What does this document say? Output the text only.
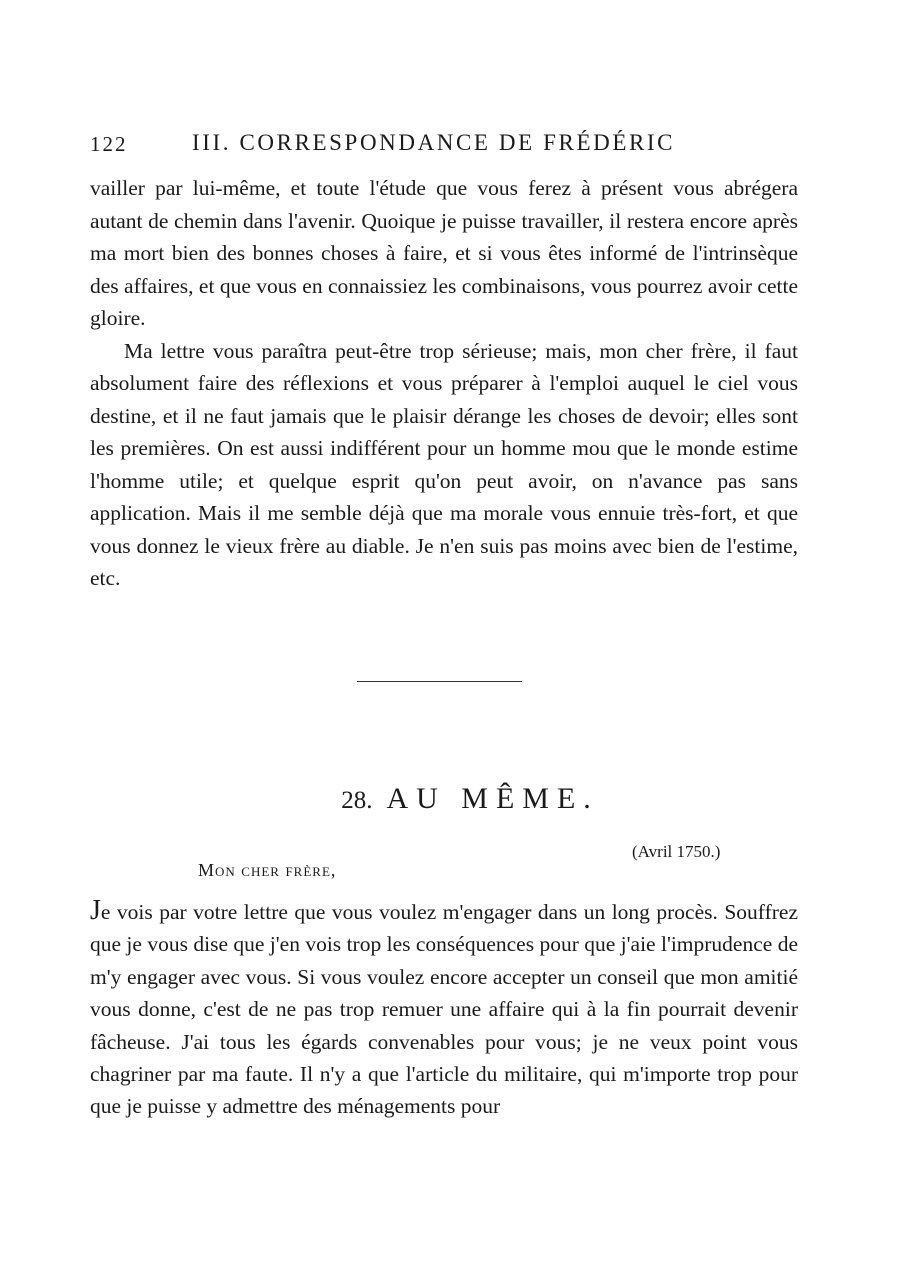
122	III. CORRESPONDANCE DE FRÉDÉRIC

vailler par lui-même, et toute l'étude que vous ferez à présent vous abrégera autant de chemin dans l'avenir. Quoique je puisse travailler, il restera encore après ma mort bien des bonnes choses à faire, et si vous êtes informé de l'intrinsèque des affaires, et que vous en connaissiez les combinaisons, vous pourrez avoir cette gloire.

Ma lettre vous paraîtra peut-être trop sérieuse; mais, mon cher frère, il faut absolument faire des réflexions et vous préparer à l'emploi auquel le ciel vous destine, et il ne faut jamais que le plaisir dérange les choses de devoir; elles sont les premières. On est aussi indifférent pour un homme mou que le monde estime l'homme utile; et quelque esprit qu'on peut avoir, on n'avance pas sans application. Mais il me semble déjà que ma morale vous ennuie très-fort, et que vous donnez le vieux frère au diable. Je n'en suis pas moins avec bien de l'estime, etc.

28. AU MÊME.
(Avril 1750.)
Mon cher frère,

Je vois par votre lettre que vous voulez m'engager dans un long procès. Souffrez que je vous dise que j'en vois trop les conséquences pour que j'aie l'imprudence de m'y engager avec vous. Si vous voulez encore accepter un conseil que mon amitié vous donne, c'est de ne pas trop remuer une affaire qui à la fin pourrait devenir fâcheuse. J'ai tous les égards convenables pour vous; je ne veux point vous chagriner par ma faute. Il n'y a que l'article du militaire, qui m'importe trop pour que je puisse y admettre des ménagements pour
